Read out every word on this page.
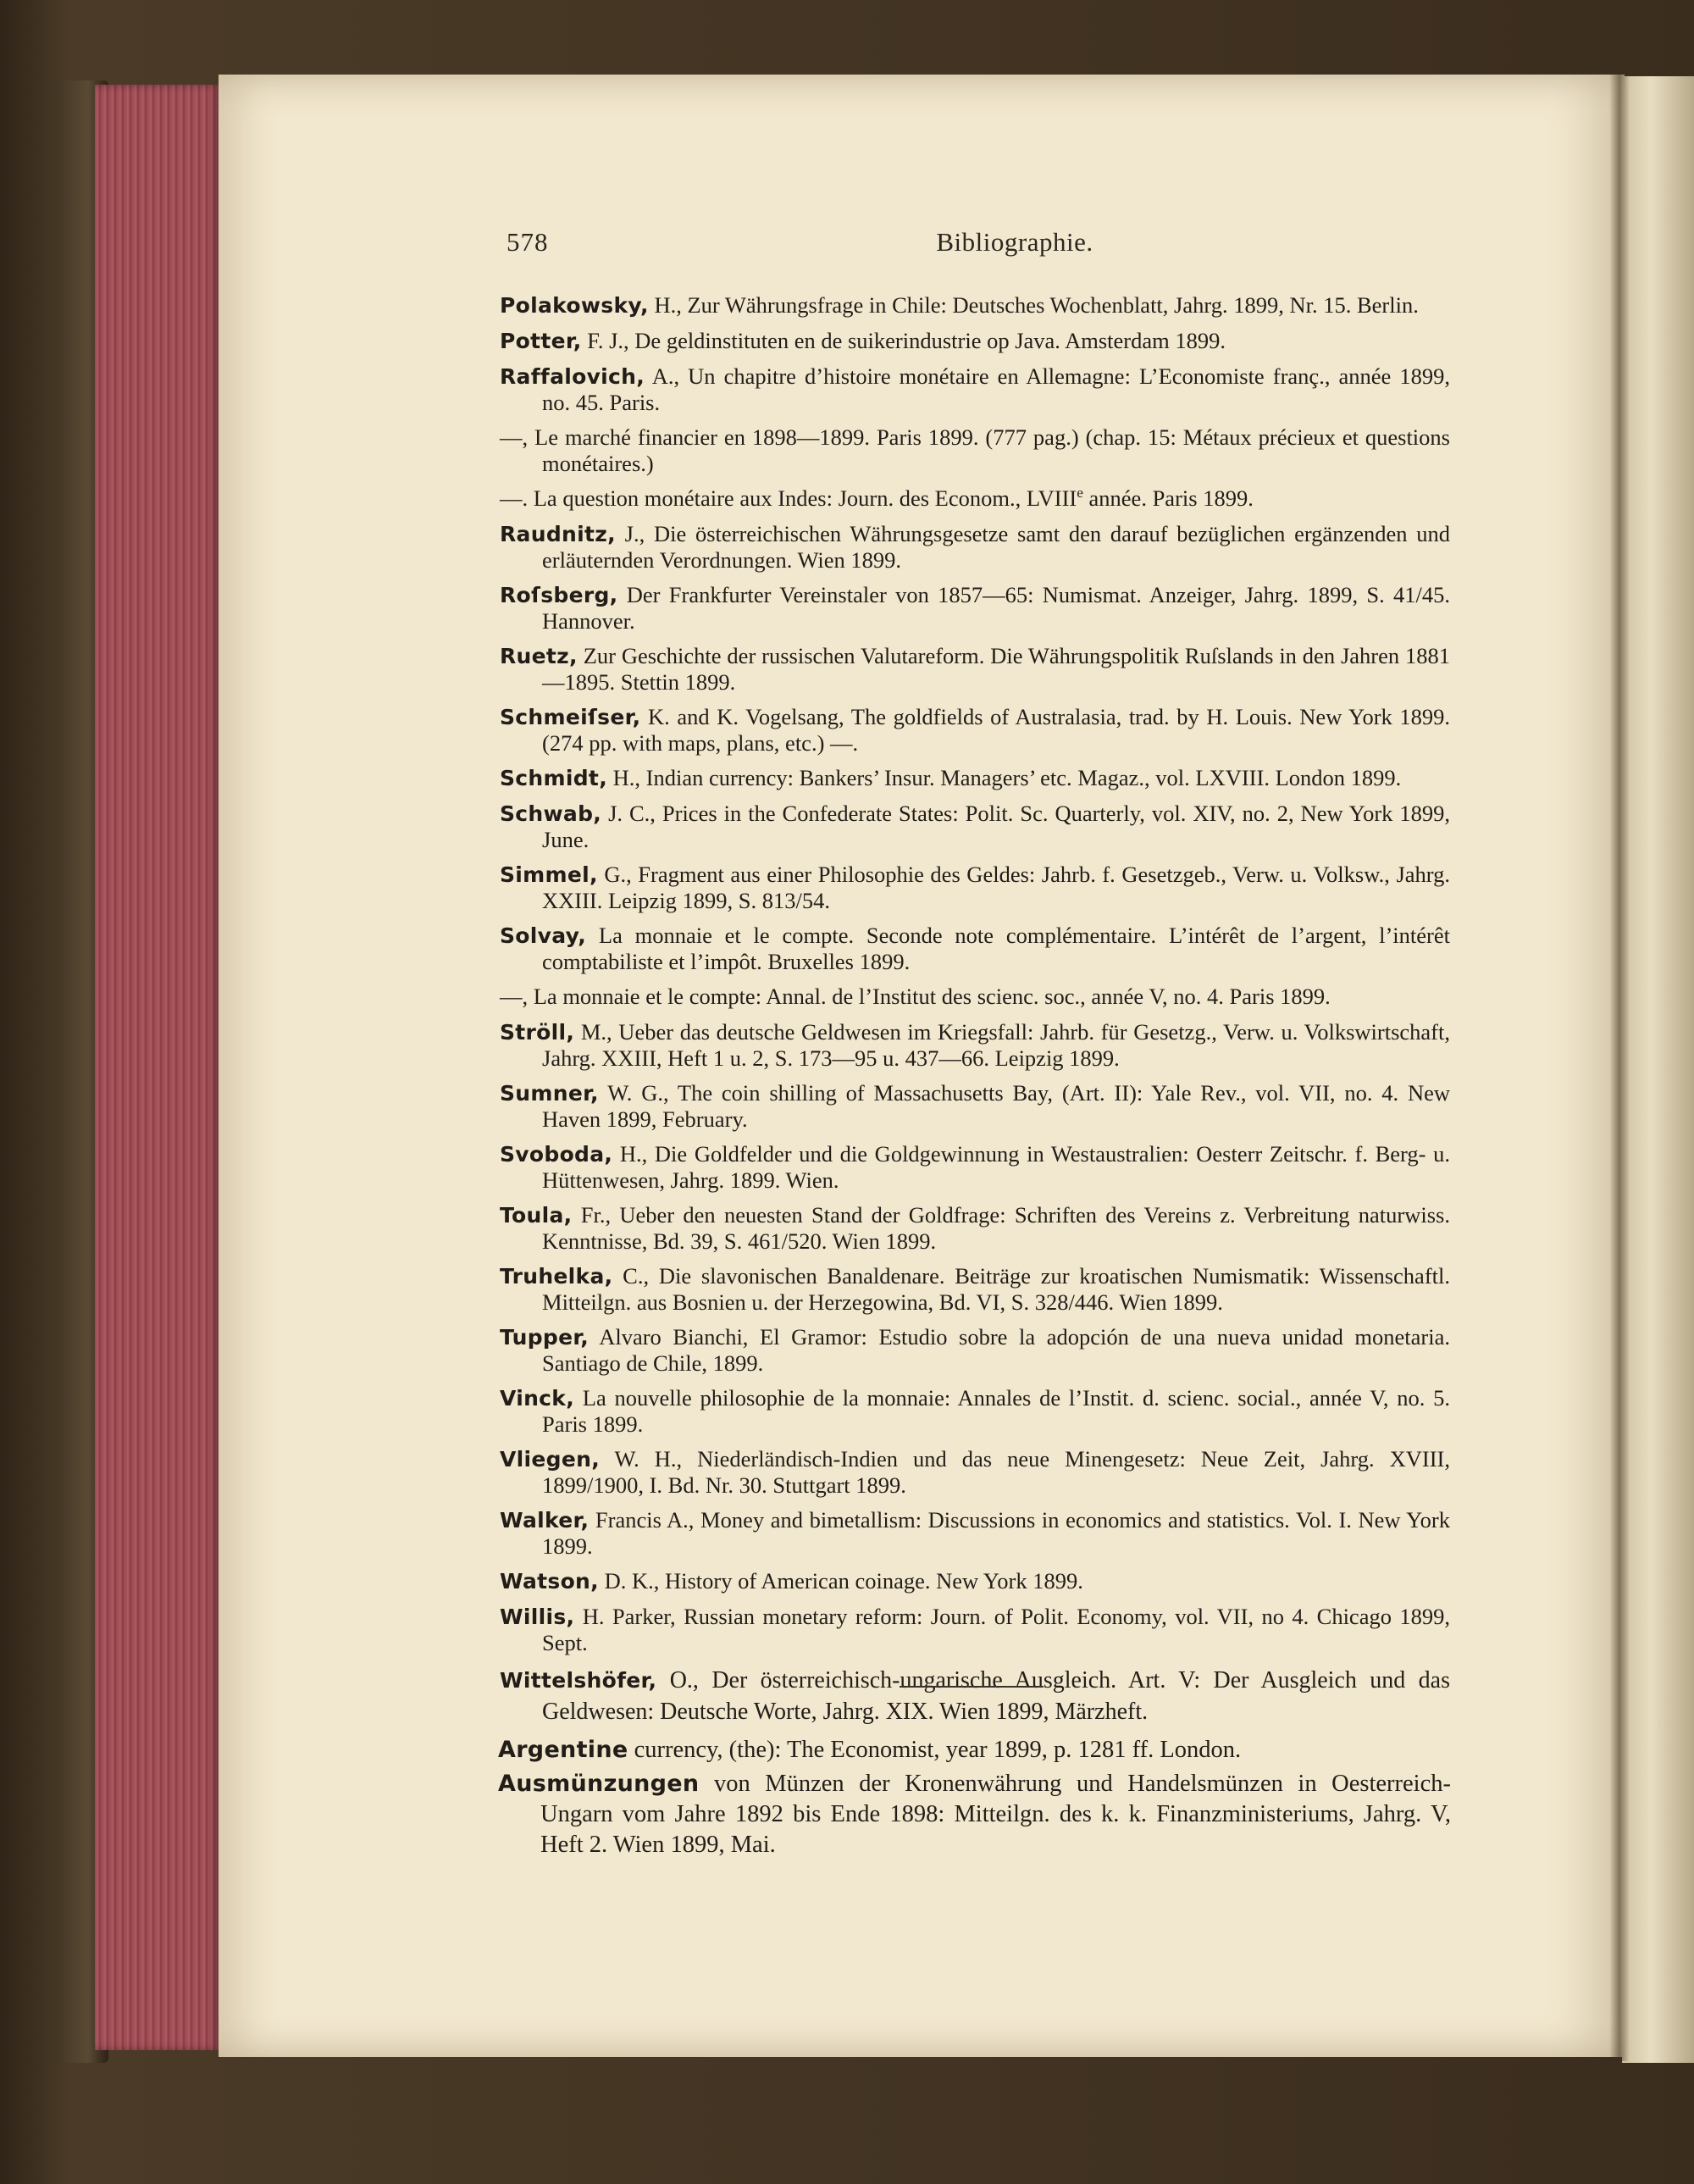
578	Bibliographie.
Polakowsky, H., Zur Währungsfrage in Chile: Deutsches Wochenblatt, Jahrg. 1899, Nr. 15. Berlin.
Potter, F. J., De geldinstituten en de suikerindustrie op Java. Amsterdam 1899.
Raffalovich, A., Un chapitre d’histoire monétaire en Allemagne: L’Economiste franç., année 1899, no. 45. Paris.
—, Le marché financier en 1898—1899. Paris 1899. (777 pag.) (chap. 15: Métaux précieux et questions monétaires.)
—. La question monétaire aux Indes: Journ. des Econom., LVIIIe année. Paris 1899.
Raudnitz, J., Die österreichischen Währungsgesetze samt den darauf bezüglichen ergänzenden und erläuternden Verordnungen. Wien 1899.
Roſsberg, Der Frankfurter Vereinstaler von 1857—65: Numismat. Anzeiger, Jahrg. 1899, S. 41/45. Hannover.
Ruetz, Zur Geschichte der russischen Valutareform. Die Währungspolitik Ruſslands in den Jahren 1881—1895. Stettin 1899.
Schmeiſser, K. and K. Vogelsang, The goldfields of Australasia, trad. by H. Louis. New York 1899. (274 pp. with maps, plans, etc.) —.
Schmidt, H., Indian currency: Bankers’ Insur. Managers’ etc. Magaz., vol. LXVIII. London 1899.
Schwab, J. C., Prices in the Confederate States: Polit. Sc. Quarterly, vol. XIV, no. 2, New York 1899, June.
Simmel, G., Fragment aus einer Philosophie des Geldes: Jahrb. f. Gesetzgeb., Verw. u. Volksw., Jahrg. XXIII. Leipzig 1899, S. 813/54.
Solvay, La monnaie et le compte. Seconde note complémentaire. L’intérêt de l’argent, l’intérêt comptabiliste et l’impôt. Bruxelles 1899.
—, La monnaie et le compte: Annal. de l’Institut des scienc. soc., année V, no. 4. Paris 1899.
Ströll, M., Ueber das deutsche Geldwesen im Kriegsfall: Jahrb. für Gesetzg., Verw. u. Volkswirtschaft, Jahrg. XXIII, Heft 1 u. 2, S. 173—95 u. 437—66. Leipzig 1899.
Sumner, W. G., The coin shilling of Massachusetts Bay, (Art. II): Yale Rev., vol. VII, no. 4. New Haven 1899, February.
Svoboda, H., Die Goldfelder und die Goldgewinnung in Westaustralien: Oesterr Zeitschr. f. Berg- u. Hüttenwesen, Jahrg. 1899. Wien.
Toula, Fr., Ueber den neuesten Stand der Goldfrage: Schriften des Vereins z. Verbreitung naturwiss. Kenntnisse, Bd. 39, S. 461/520. Wien 1899.
Truhelka, C., Die slavonischen Banaldenare. Beiträge zur kroatischen Numismatik: Wissenschaftl. Mitteilgn. aus Bosnien u. der Herzegowina, Bd. VI, S. 328/446. Wien 1899.
Tupper, Alvaro Bianchi, El Gramor: Estudio sobre la adopción de una nueva unidad monetaria. Santiago de Chile, 1899.
Vinck, La nouvelle philosophie de la monnaie: Annales de l’Instit. d. scienc. social., année V, no. 5. Paris 1899.
Vliegen, W. H., Niederländisch-Indien und das neue Minengesetz: Neue Zeit, Jahrg. XVIII, 1899/1900, I. Bd. Nr. 30. Stuttgart 1899.
Walker, Francis A., Money and bimetallism: Discussions in economics and statistics. Vol. I. New York 1899.
Watson, D. K., History of American coinage. New York 1899.
Willis, H. Parker, Russian monetary reform: Journ. of Polit. Economy, vol. VII, no 4. Chicago 1899, Sept.
Wittelshöfer, O., Der österreichisch-ungarische Ausgleich. Art. V: Der Ausgleich und das Geldwesen: Deutsche Worte, Jahrg. XIX. Wien 1899, Märzheft.
Argentine currency, (the): The Economist, year 1899, p. 1281 ff. London.
Ausmünzungen von Münzen der Kronenwährung und Handelsmünzen in Oesterreich-Ungarn vom Jahre 1892 bis Ende 1898: Mitteilgn. des k. k. Finanzministeriums, Jahrg. V, Heft 2. Wien 1899, Mai.
